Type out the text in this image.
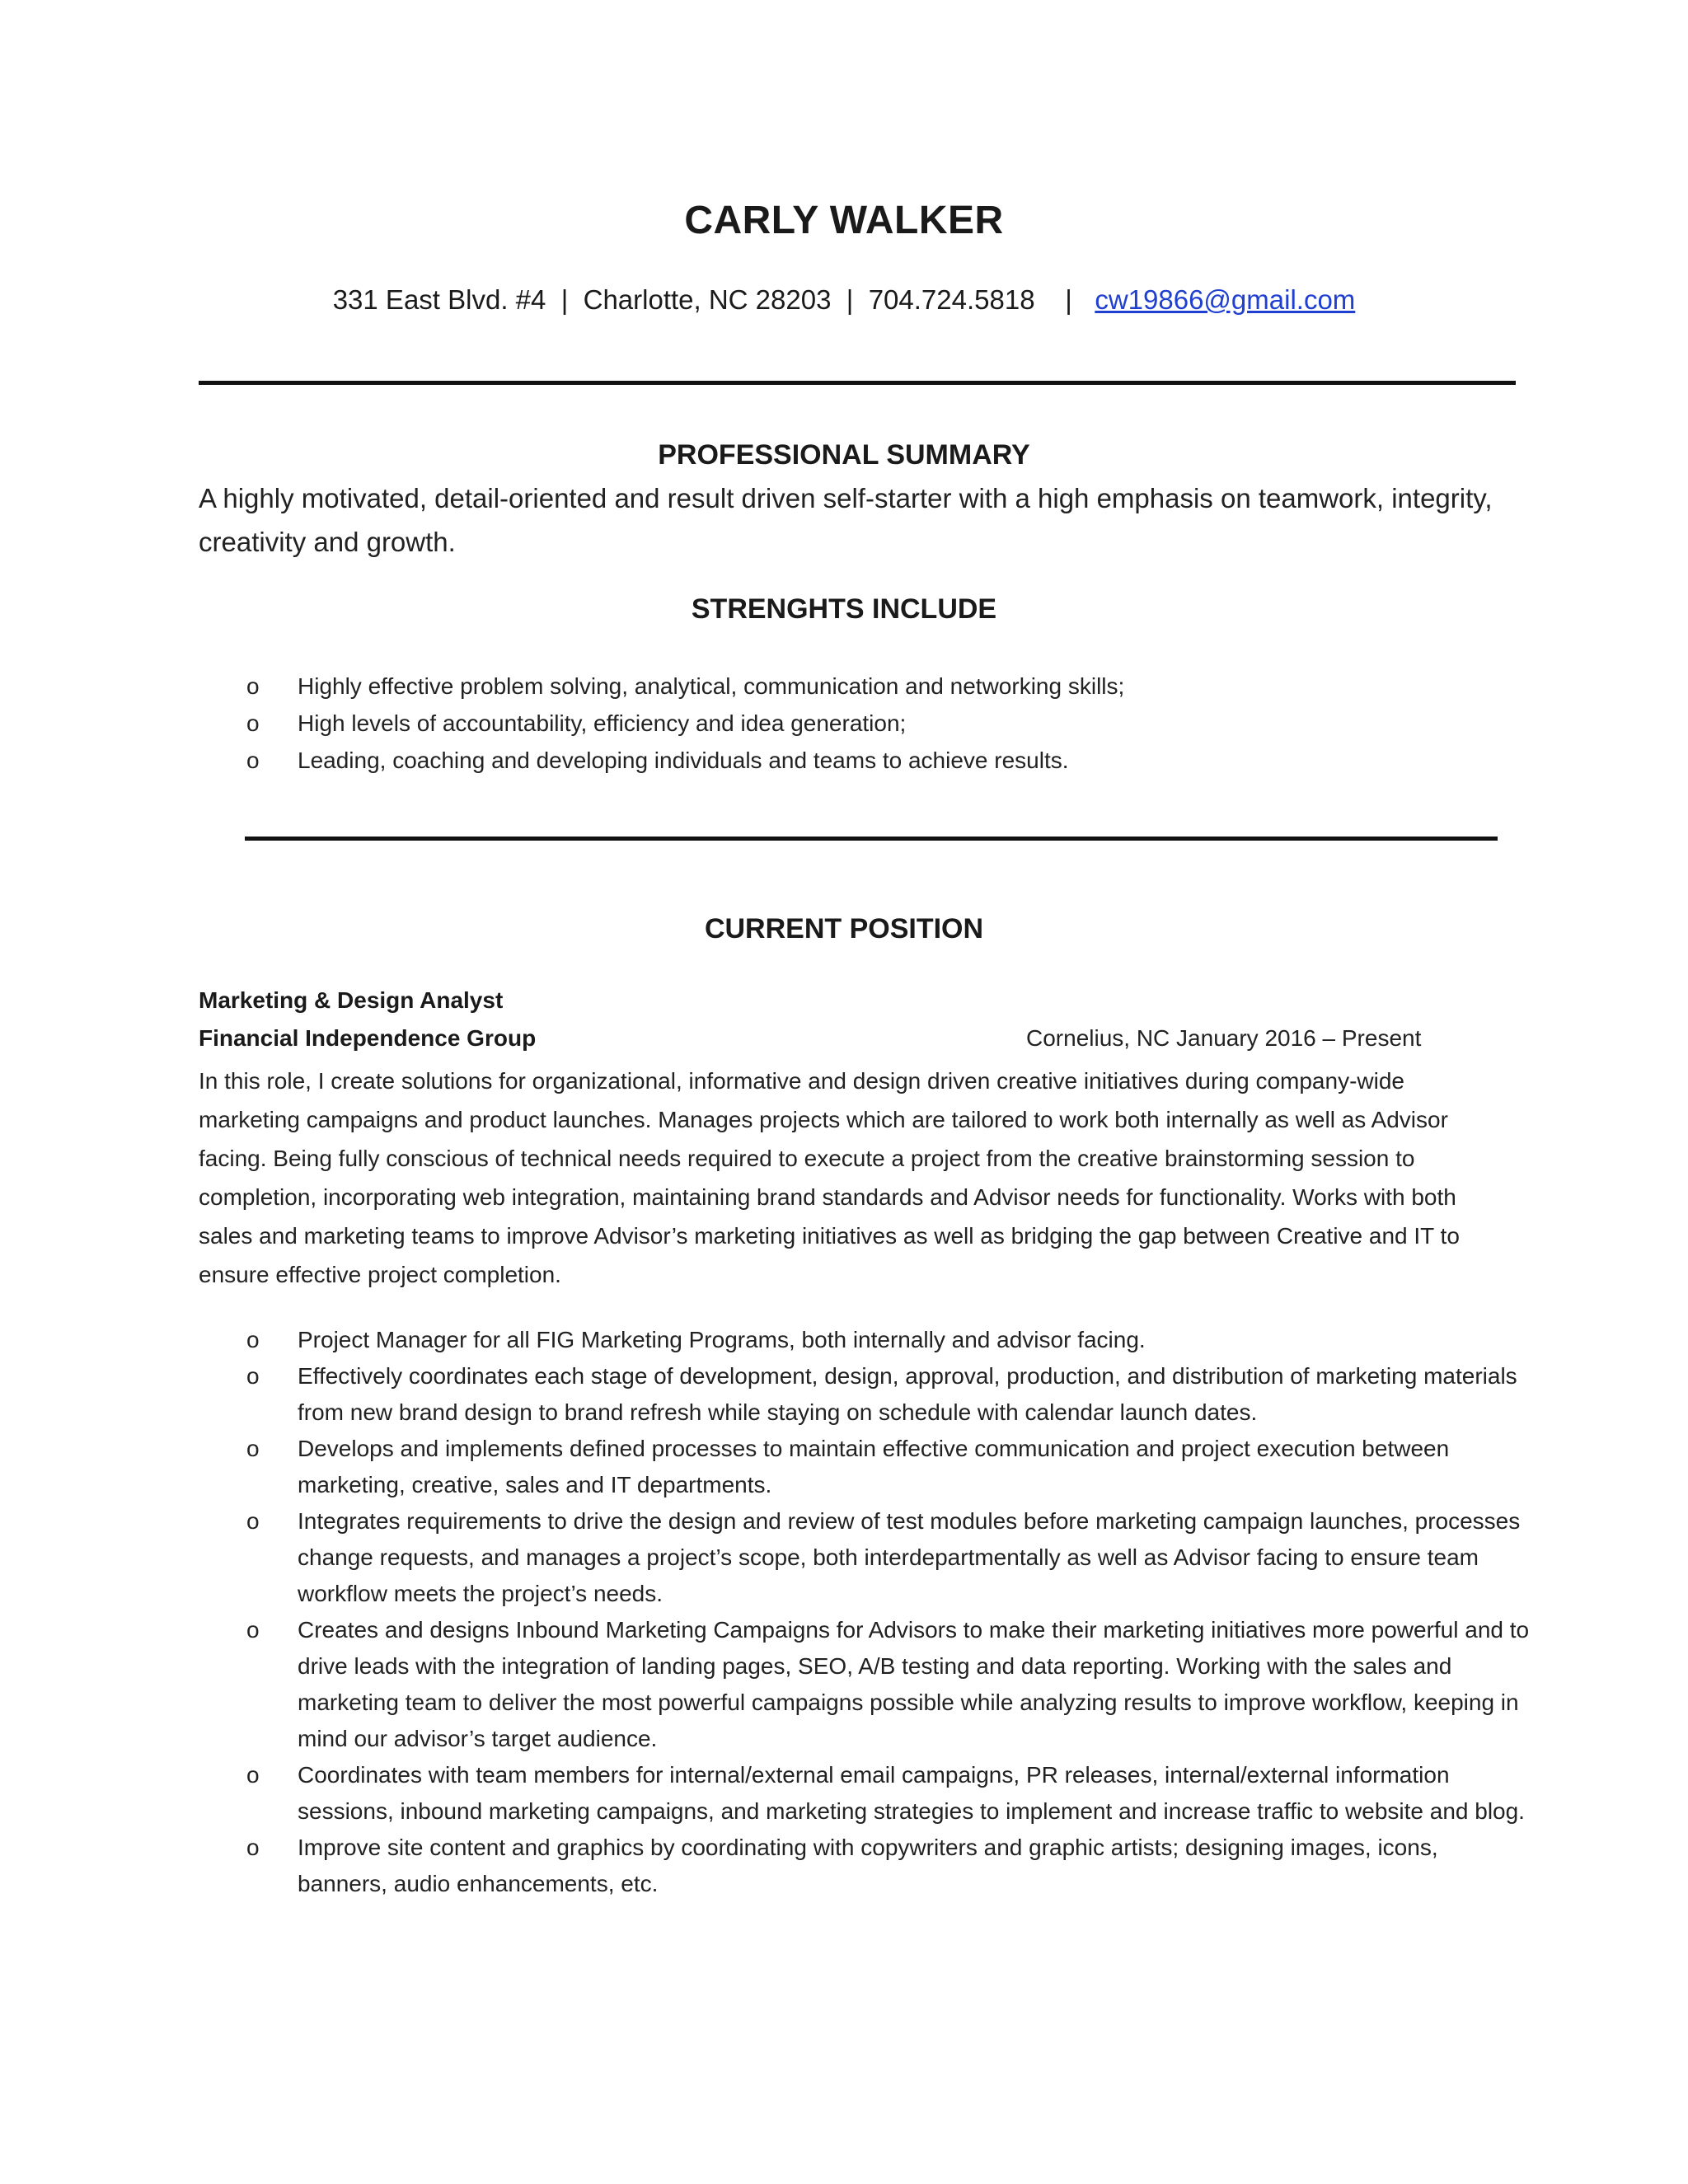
CARLY WALKER
331 East Blvd. #4  |  Charlotte, NC 28203  |  704.724.5818    |   cw19866@gmail.com
PROFESSIONAL SUMMARY
A highly motivated, detail-oriented and result driven self-starter with a high emphasis on teamwork, integrity, creativity and growth.
STRENGHTS INCLUDE
o Highly effective problem solving, analytical, communication and networking skills;
o High levels of accountability, efficiency and idea generation;
o Leading, coaching and developing individuals and teams to achieve results.
CURRENT POSITION
Marketing & Design Analyst
Financial Independence Group	Cornelius, NC January 2016 – Present
In this role, I create solutions for organizational, informative and design driven creative initiatives during company-wide marketing campaigns and product launches. Manages projects which are tailored to work both internally as well as Advisor facing. Being fully conscious of technical needs required to execute a project from the creative brainstorming session to completion, incorporating web integration, maintaining brand standards and Advisor needs for functionality. Works with both sales and marketing teams to improve Advisor’s marketing initiatives as well as bridging the gap between Creative and IT to ensure effective project completion.
o Project Manager for all FIG Marketing Programs, both internally and advisor facing.
o Effectively coordinates each stage of development, design, approval, production, and distribution of marketing materials from new brand design to brand refresh while staying on schedule with calendar launch dates.
o Develops and implements defined processes to maintain effective communication and project execution between marketing, creative, sales and IT departments.
o Integrates requirements to drive the design and review of test modules before marketing campaign launches, processes change requests, and manages a project’s scope, both interdepartmentally as well as Advisor facing to ensure team workflow meets the project’s needs.
o Creates and designs Inbound Marketing Campaigns for Advisors to make their marketing initiatives more powerful and to drive leads with the integration of landing pages, SEO, A/B testing and data reporting. Working with the sales and marketing team to deliver the most powerful campaigns possible while analyzing results to improve workflow, keeping in mind our advisor’s target audience.
o Coordinates with team members for internal/external email campaigns, PR releases, internal/external information sessions, inbound marketing campaigns, and marketing strategies to implement and increase traffic to website and blog.
o Improve site content and graphics by coordinating with copywriters and graphic artists; designing images, icons, banners, audio enhancements, etc.
